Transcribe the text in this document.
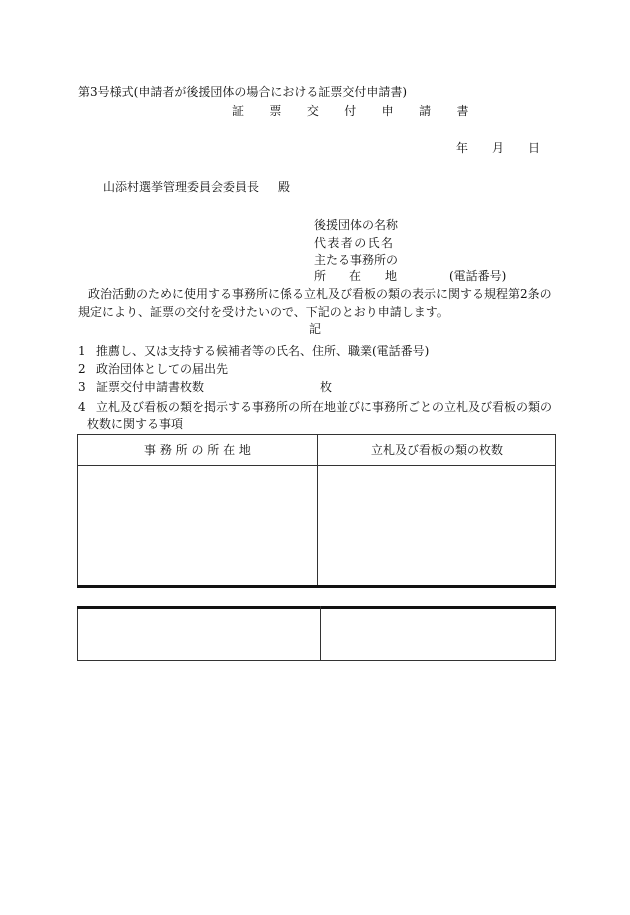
第3号様式(申請者が後援団体の場合における証票交付申請書)
証 票 交 付 申 請 書
年 月 日
山添村選挙管理委員会委員長 殿
後援団体の名称
代表者の氏名
主たる事務所の
所 在 地	(電話番号)
政治活動のために使用する事務所に係る立札及び看板の類の表示に関する規程第2条の
規定により、証票の交付を受けたいので、下記のとおり申請します。
記
1 推薦し、又は支持する候補者等の氏名、住所、職業(電話番号)
2 政治団体としての届出先
3 証票交付申請書枚数	枚
4 立札及び看板の類を掲示する事務所の所在地並びに事務所ごとの立札及び看板の類の
枚数に関する事項
事 務 所 の 所 在 地	立札及び看板の類の枚数
